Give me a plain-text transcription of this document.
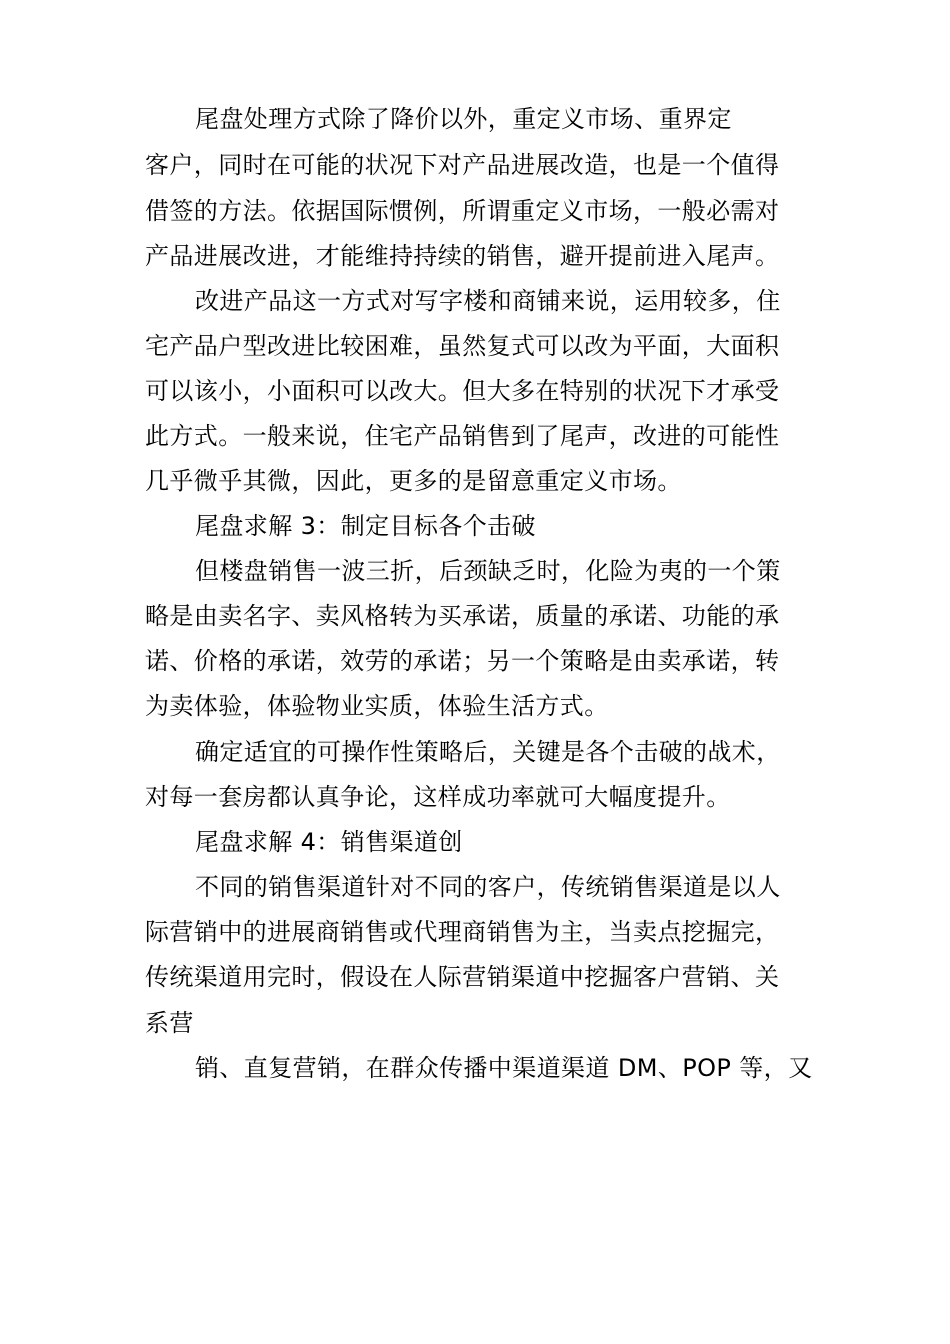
尾盘处理方式除了降价以外，重定义市场、重界定
客户，同时在可能的状况下对产品进展改造，也是一个值得
借签的方法。依据国际惯例，所谓重定义市场，一般必需对
产品进展改进，才能维持持续的销售，避开提前进入尾声。
改进产品这一方式对写字楼和商铺来说，运用较多，住
宅产品户型改进比较困难，虽然复式可以改为平面，大面积
可以该小，小面积可以改大。但大多在特别的状况下才承受
此方式。一般来说，住宅产品销售到了尾声，改进的可能性
几乎微乎其微，因此，更多的是留意重定义市场。
尾盘求解 3：制定目标各个击破
但楼盘销售一波三折，后颈缺乏时，化险为夷的一个策
略是由卖名字、卖风格转为买承诺，质量的承诺、功能的承
诺、价格的承诺，效劳的承诺；另一个策略是由卖承诺，转
为卖体验，体验物业实质，体验生活方式。
确定适宜的可操作性策略后，关键是各个击破的战术，
对每一套房都认真争论，这样成功率就可大幅度提升。
尾盘求解 4：销售渠道创
不同的销售渠道针对不同的客户，传统销售渠道是以人
际营销中的进展商销售或代理商销售为主，当卖点挖掘完，
传统渠道用完时，假设在人际营销渠道中挖掘客户营销、关
系营
销、直复营销，在群众传播中渠道渠道 DM、POP 等，又
